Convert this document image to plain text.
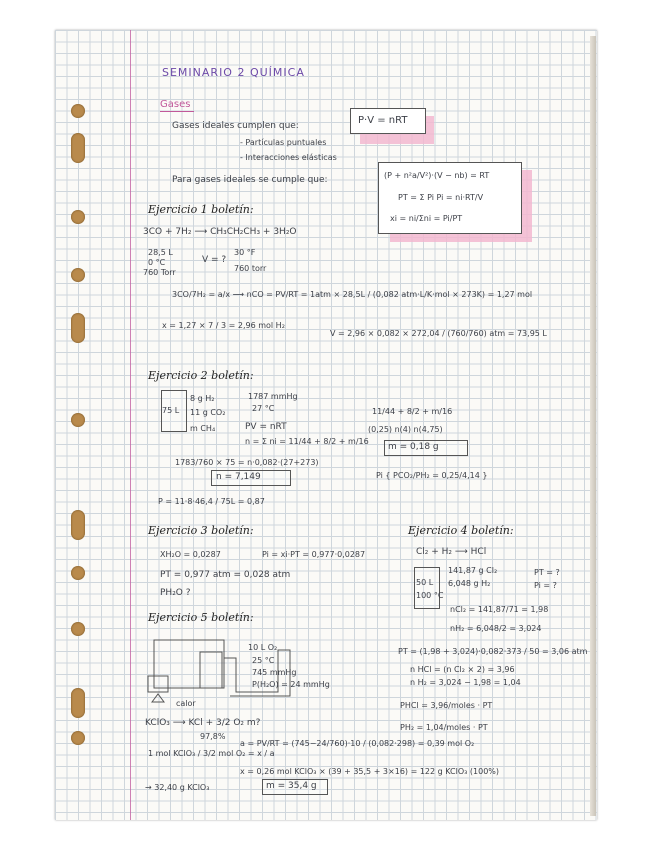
SEMINARIO 2 QUÍMICA
Gases
Gases ideales cumplen que:
- Partículas puntuales
- Interacciones elásticas
P·V = nRT
Para gases ideales se cumple que:	(P + n²a/V²)·(V − nb) = RT
PT = Σ Pi Pi = ni·RT/V
xi = ni/Σni = Pi/PT
Ejercicio 1 boletín:
3CO + 7H₂ ⟶ CH₃CH₂CH₃ + 3H₂O
28,5 L
0 °C
760 Torr
V = ?
30 °F
760 torr
3CO/7H₂ = a/x ⟶ nCO = PV/RT = 1atm × 28,5L / (0,082 atm·L/K·mol × 273K) = 1,27 mol
x = 1,27 × 7 / 3 = 2,96 mol H₂
V = 2,96 × 0,082 × 272,04 / (760/760) atm = 73,95 L
Ejercicio 2 boletín:
75 L
8 g H₂
11 g CO₂
m CH₄
1787 mmHg
27 °C
PV = nRT
n = Σ ni = 11/44 + 8/2 + m/16
11/44 + 8/2 + m/16
(0,25) n(4) n(4,75)
m = 0,18 g
1783/760 × 75 = n·0,082·(27+273)
n = 7,149	Pi { PCO₂/PH₂ = 0,25/4,14 }
P = 11·8·46,4 / 75L = 0,87
Ejercicio 3 boletín:
XH₂O = 0,0287	Pi = xi·PT = 0,977·0,0287
PT = 0,977 atm = 0,028 atm
PH₂O ?
Ejercicio 4 boletín:
Cl₂ + H₂ ⟶ HCl
50 L
100 °C
141,87 g Cl₂
6,048 g H₂
PT = ?
Pi = ?
nCl₂ = 141,87/71 = 1,98
nH₂ = 6,048/2 = 3,024
PT = (1,98 + 3,024)·0,082·373 / 50 = 3,06 atm
n HCl = (n Cl₂ × 2) = 3,96
n H₂ = 3,024 − 1,98 = 1,04
PHCl = 3,96/moles · PT
PH₂ = 1,04/moles · PT
Ejercicio 5 boletín:
calor
10 L O₂
25 °C
745 mmHg
P(H₂O) = 24 mmHg
KClO₃ ⟶ KCl + 3/2 O₂ m?
97,8%
1 mol KClO₃ / 3/2 mol O₂ = x / a
a = PV/RT = (745−24/760)·10 / (0,082·298) = 0,39 mol O₂
x = 0,26 mol KClO₃ × (39 + 35,5 + 3×16) = 122 g KClO₃ (100%)
→ 32,40 g KClO₃	m = 35,4 g
